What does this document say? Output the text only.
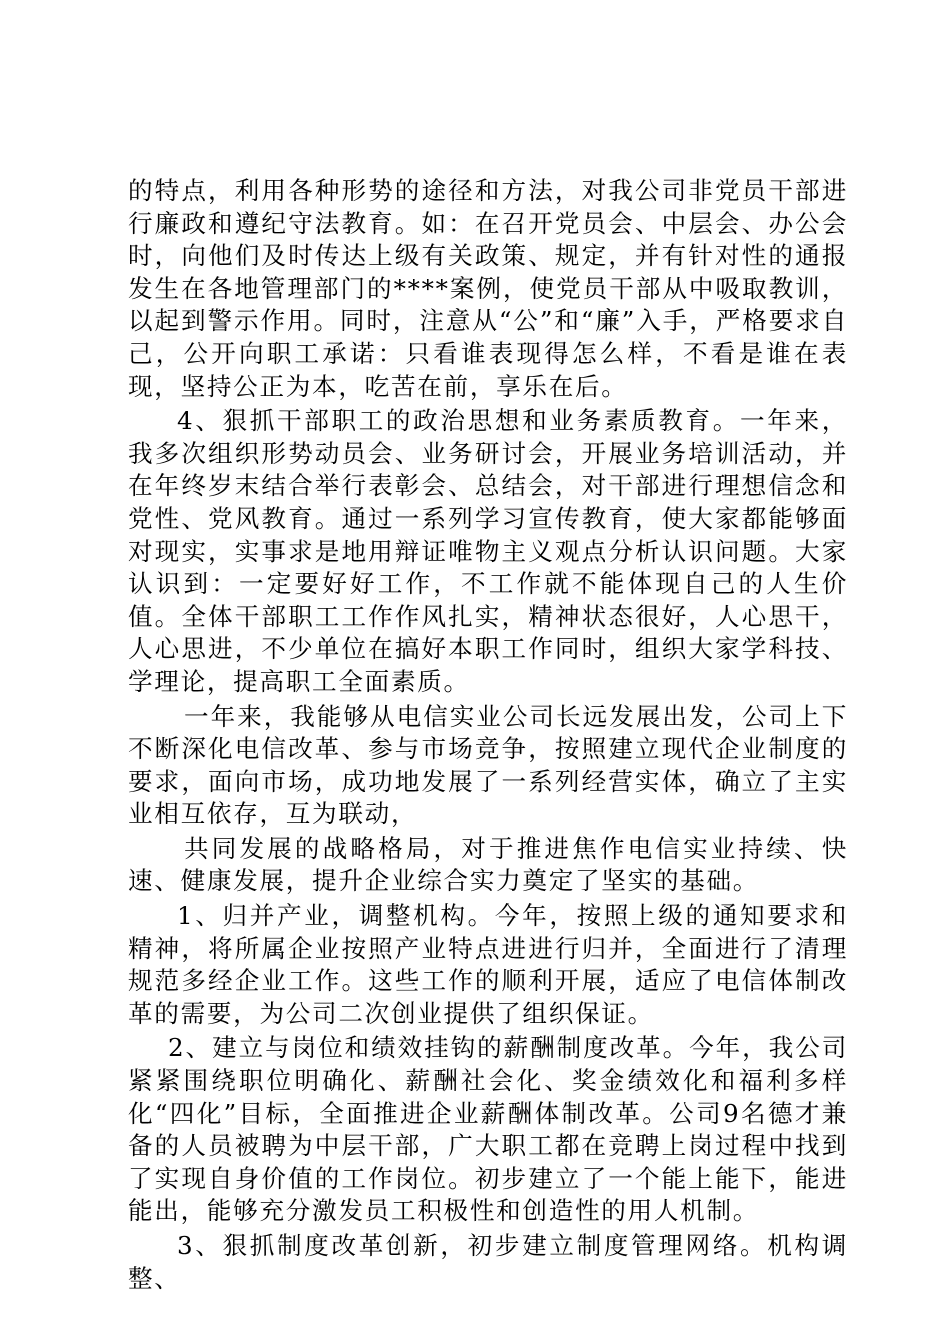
的特点，利用各种形势的途径和方法，对我公司非党员干部进行廉政和遵纪守法教育。如：在召开党员会、中层会、办公会时，向他们及时传达上级有关政策、规定，并有针对性的通报发生在各地管理部门的****案例，使党员干部从中吸取教训，以起到警示作用。同时，注意从“公”和“廉”入手，严格要求自己，公开向职工承诺：只看谁表现得怎么样，不看是谁在表现，坚持公正为本，吃苦在前，享乐在后。

4、狠抓干部职工的政治思想和业务素质教育。一年来，我多次组织形势动员会、业务研讨会，开展业务培训活动，并在年终岁末结合举行表彰会、总结会，对干部进行理想信念和党性、党风教育。通过一系列学习宣传教育，使大家都能够面对现实，实事求是地用辩证唯物主义观点分析认识问题。大家认识到：一定要好好工作，不工作就不能体现自己的人生价值。全体干部职工工作作风扎实，精神状态很好，人心思干，人心思进，不少单位在搞好本职工作同时，组织大家学科技、学理论，提高职工全面素质。

一年来，我能够从电信实业公司长远发展出发，公司上下不断深化电信改革、参与市场竞争，按照建立现代企业制度的要求，面向市场，成功地发展了一系列经营实体，确立了主实业相互依存，互为联动，

共同发展的战略格局，对于推进焦作电信实业持续、快速、健康发展，提升企业综合实力奠定了坚实的基础。

1、归并产业，调整机构。今年，按照上级的通知要求和精神，将所属企业按照产业特点进进行归并，全面进行了清理规范多经企业工作。这些工作的顺利开展，适应了电信体制改革的需要，为公司二次创业提供了组织保证。

2、建立与岗位和绩效挂钩的薪酬制度改革。今年，我公司紧紧围绕职位明确化、薪酬社会化、奖金绩效化和福利多样化“四化”目标，全面推进企业薪酬体制改革。公司9名德才兼备的人员被聘为中层干部，广大职工都在竞聘上岗过程中找到了实现自身价值的工作岗位。初步建立了一个能上能下，能进能出，能够充分激发员工积极性和创造性的用人机制。

3、狠抓制度改革创新，初步建立制度管理网络。机构调整、
